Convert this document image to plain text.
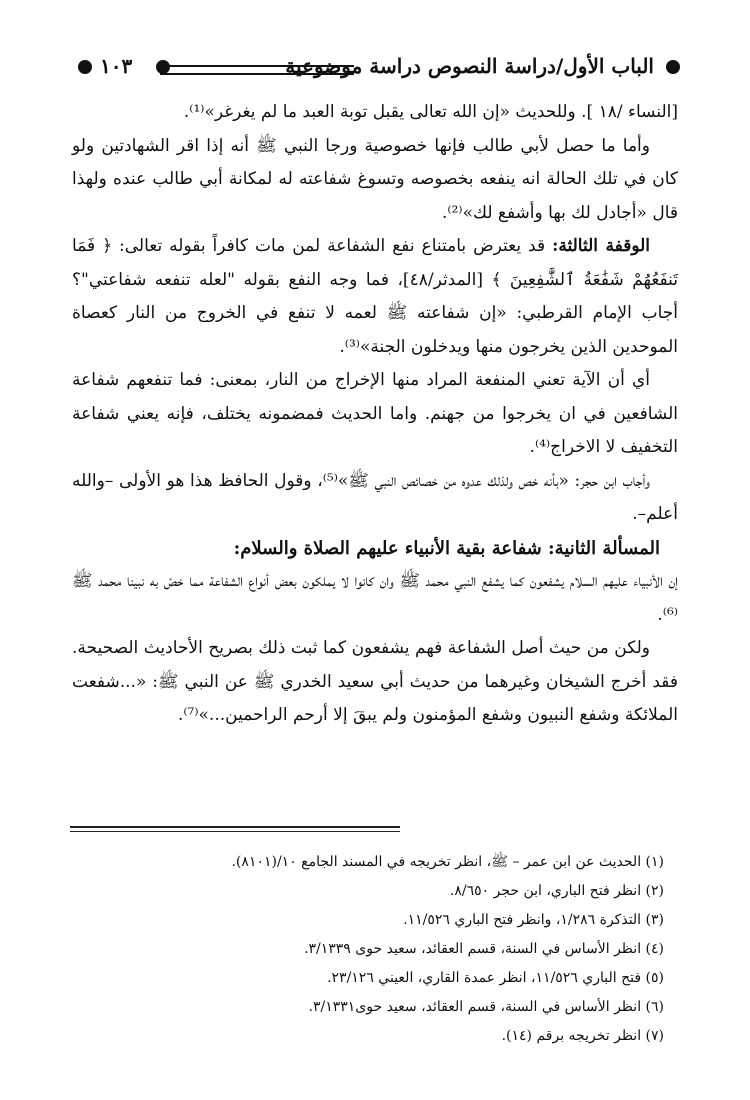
الباب الأول/دراسة النصوص دراسة موضوعية
١٠٣

[النساء /١٨ ]. وللحديث «إن الله تعالى يقبل توبة العبد ما لم يغرغر»⁽¹⁾.

وأما ما حصل لأبي طالب فإنها خصوصية ورجا النبي ﷺ أنه إذا اقر الشهادتين ولو كان في تلك الحالة انه ينفعه بخصوصه وتسوغ شفاعته له لمكانة أبي طالب عنده ولهذا قال «أجادل لك بها وأشفع لك»⁽²⁾.

الوقفة الثالثة: قد يعترض بامتناع نفع الشفاعة لمن مات كافراً بقوله تعالى: ﴿ فَمَا تَنفَعُهُمْ شَفَٰعَةُ ٱلشَّٰفِعِينَ ﴾ [المدثر/٤٨]، فما وجه النفع بقوله "لعله تنفعه شفاعتي"؟ أجاب الإمام القرطبي: «إن شفاعته ﷺ لعمه لا تنفع في الخروج من النار كعصاة الموحدين الذين يخرجون منها ويدخلون الجنة»⁽³⁾.

أي أن الآية تعني المنفعة المراد منها الإخراج من النار، بمعنى: فما تنفعهم شفاعة الشافعين في ان يخرجوا من جهنم. واما الحديث فمضمونه يختلف، فإنه يعني شفاعة التخفيف لا الاخراج⁽⁴⁾.

وأجاب ابن حجر: «بأنه خص ولذلك عدوه من خصائص النبي ﷺ»⁽⁵⁾، وقول الحافظ هذا هو الأولى –والله أعلم–.

المسألة الثانية: شفاعة بقية الأنبياء عليهم الصلاة والسلام:

إن الأنبياء عليهم السلام يشفعون كما يشفع النبي محمد ﷺ وان كانوا لا يملكون بعض أنواع الشفاعة مما خصّ به نبينا محمد ﷺ ⁽⁶⁾.

ولكن من حيث أصل الشفاعة فهم يشفعون كما ثبت ذلك بصريح الأحاديث الصحيحة. فقد أخرج الشيخان وغيرهما من حديث أبي سعيد الخدري ﷺ عن النبي ﷺ: «...شفعت الملائكة وشفع النبيون وشفع المؤمنون ولم يبقَ إلا أرحم الراحمين...»⁽⁷⁾.

(١) الحديث عن ابن عمر – ﷺ، انظر تخريجه في المسند الجامع ١٠/(٨١٠١).
(٢) انظر فتح الباري، ابن حجر ٨/٦٥٠.
(٣) التذكرة ١/٢٨٦، وانظر فتح الباري ١١/٥٢٦.
(٤) انظر الأساس في السنة، قسم العقائد، سعيد حوى ٣/١٣٣٩.
(٥) فتح الباري ١١/٥٢٦، انظر عمدة القاري، العيني ٢٣/١٢٦.
(٦) انظر الأساس في السنة، قسم العقائد، سعيد حوى٣/١٣٣١.
(٧) انظر تخريجه برقم (١٤).
